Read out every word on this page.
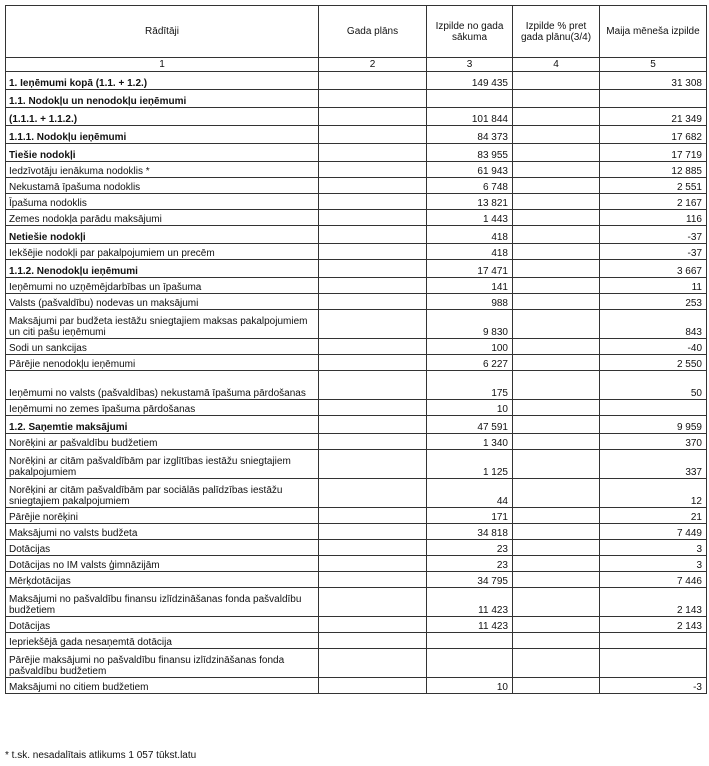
Rādītāji	Gada plāns	Izpilde no gada sākuma	Izpilde % pret gada plānu(3/4)	Maija mēneša izpilde
1	2	3	4	5
1. Ieņēmumi kopā (1.1. + 1.2.)		149 435		31 308
1.1. Nodokļu un nenodokļu ieņēmumi				
(1.1.1. + 1.1.2.)		101 844		21 349
1.1.1. Nodokļu ieņēmumi		84 373		17 682
Tiešie nodokļi		83 955		17 719
Iedzīvotāju ienākuma nodoklis *		61 943		12 885
Nekustamā īpašuma nodoklis		6 748		2 551
Īpašuma nodoklis		13 821		2 167
Zemes nodokļa parādu maksājumi		1 443		116
Netiešie nodokļi		418		-37
Iekšējie nodokļi par pakalpojumiem un precēm		418		-37
1.1.2. Nenodokļu ieņēmumi		17 471		3 667
Ieņēmumi no uzņēmējdarbības un īpašuma		141		11
Valsts (pašvaldību) nodevas un maksājumi		988		253
Maksājumi par budžeta iestāžu sniegtajiem maksas pakalpojumiem un citi pašu ieņēmumi		9 830		843
Sodi un sankcijas		100		-40
Pārējie nenodokļu ieņēmumi		6 227		2 550
Ieņēmumi no valsts (pašvaldības) nekustamā īpašuma pārdošanas		175		50
Ieņēmumi no zemes īpašuma pārdošanas		10		
1.2. Saņemtie maksājumi		47 591		9 959
Norēķini ar pašvaldību budžetiem		1 340		370
Norēķini ar citām pašvaldībām par izglītības iestāžu sniegtajiem pakalpojumiem		1 125		337
Norēķini ar citām pašvaldībām par sociālās palīdzības iestāžu sniegtajiem pakalpojumiem		44		12
Pārējie norēķini		171		21
Maksājumi no valsts budžeta		34 818		7 449
Dotācijas		23		3
Dotācijas no IM valsts ģimnāzijām		23		3
Mērķdotācijas		34 795		7 446
Maksājumi no pašvaldību finansu izlīdzināšanas fonda pašvaldību budžetiem		11 423		2 143
Dotācijas		11 423		2 143
Iepriekšējā gada nesaņemtā dotācija				
Pārējie maksājumi no pašvaldību finansu izlīdzināšanas fonda pašvaldību budžetiem				
Maksājumi no citiem budžetiem		10		-3
* t.sk. nesadalītais atlikums 1 057 tūkst.latu
